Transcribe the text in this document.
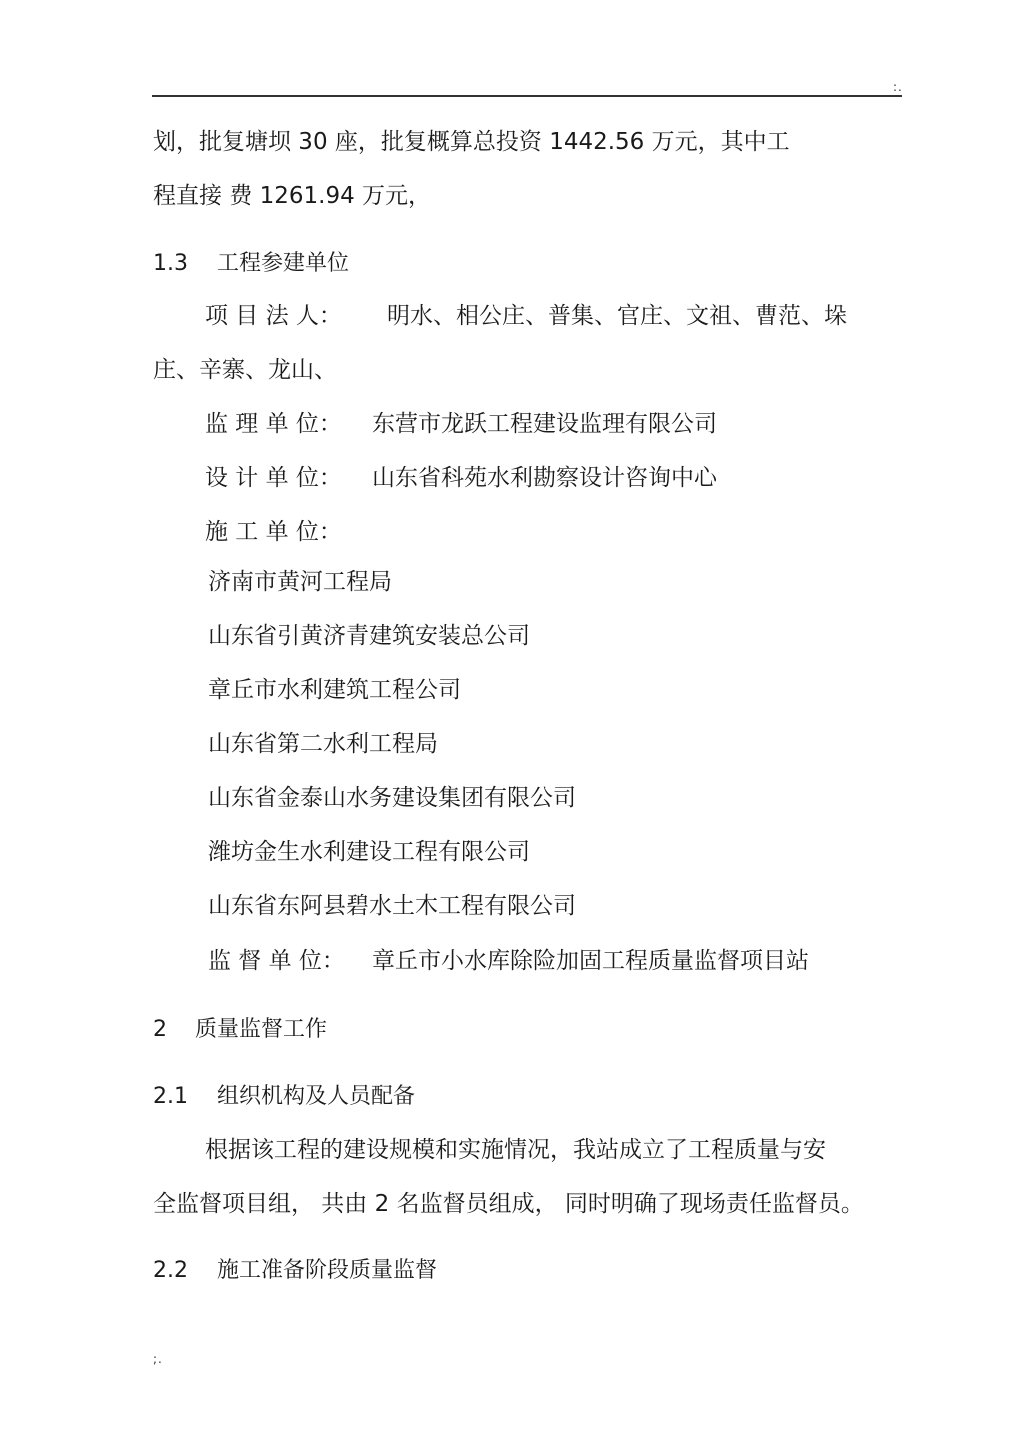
:.
划，批复塘坝 30 座，批复概算总投资 1442.56 万元，其中工
程直接 费 1261.94 万元，
1.3 工程参建单位
项 目 法 人： 明水、相公庄、普集、官庄、文祖、曹范、垛
庄、辛寨、龙山、
监 理 单 位： 东营市龙跃工程建设监理有限公司
设 计 单 位： 山东省科苑水利勘察设计咨询中心
施 工 单 位：
济南市黄河工程局
山东省引黄济青建筑安装总公司
章丘市水利建筑工程公司
山东省第二水利工程局
山东省金泰山水务建设集团有限公司
潍坊金生水利建设工程有限公司
山东省东阿县碧水土木工程有限公司
监 督 单 位： 章丘市小水库除险加固工程质量监督项目站
2 质量监督工作
2.1 组织机构及人员配备
根据该工程的建设规模和实施情况，我站成立了工程质量与安
全监督项目组， 共由 2 名监督员组成， 同时明确了现场责任监督员。
2.2 施工准备阶段质量监督
;.
